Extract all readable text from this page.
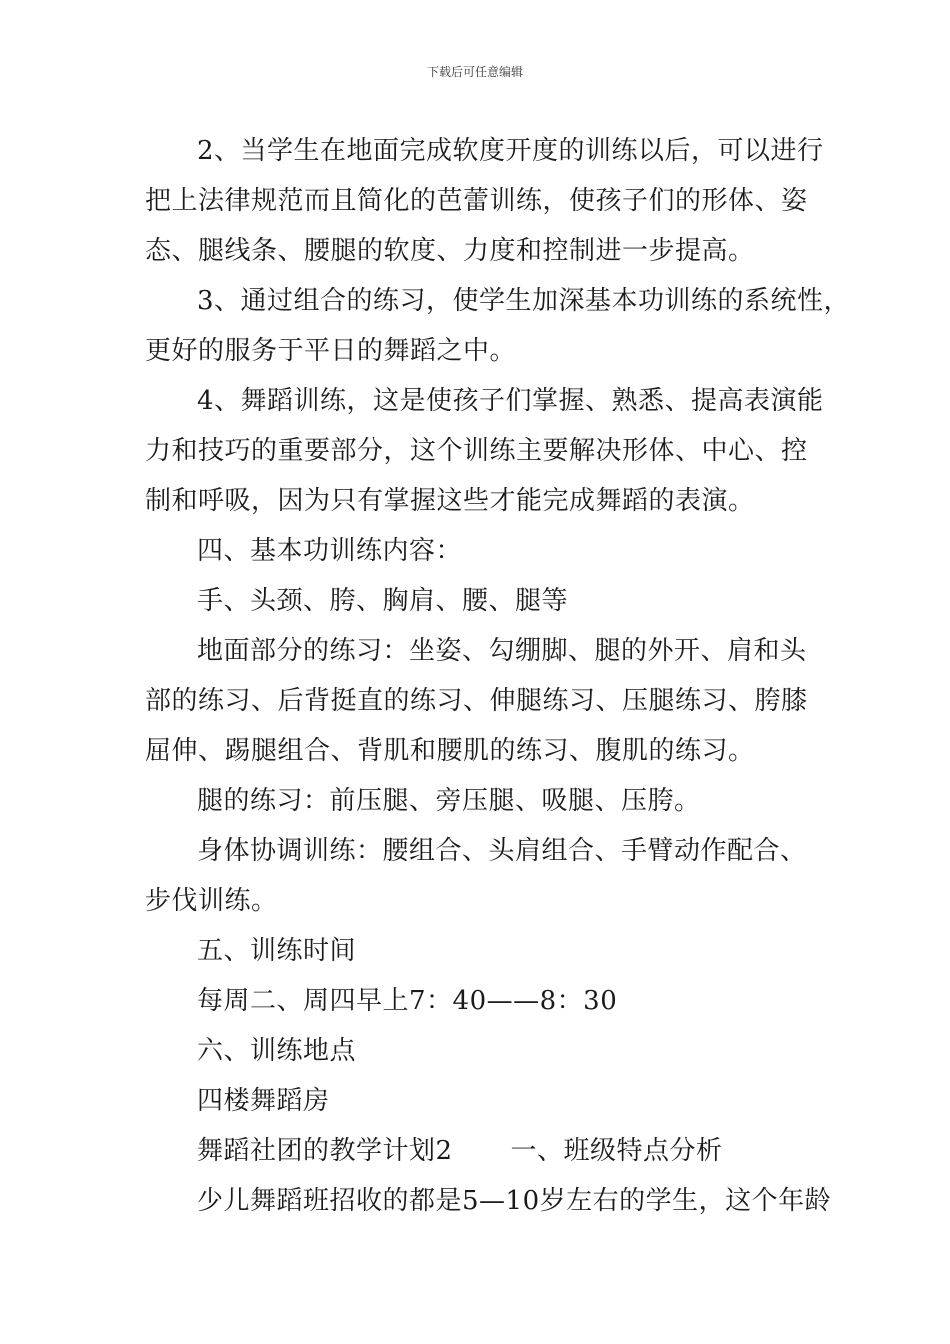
下载后可任意编辑
2、当学生在地面完成软度开度的训练以后，可以进行
把上法律规范而且简化的芭蕾训练，使孩子们的形体、姿
态、腿线条、腰腿的软度、力度和控制进一步提高。
3、通过组合的练习，使学生加深基本功训练的系统性，
更好的服务于平日的舞蹈之中。
4、舞蹈训练，这是使孩子们掌握、熟悉、提高表演能
力和技巧的重要部分，这个训练主要解决形体、中心、控
制和呼吸，因为只有掌握这些才能完成舞蹈的表演。
四、基本功训练内容：
手、头颈、胯、胸肩、腰、腿等
地面部分的练习：坐姿、勾绷脚、腿的外开、肩和头
部的练习、后背挺直的练习、伸腿练习、压腿练习、胯膝
屈伸、踢腿组合、背肌和腰肌的练习、腹肌的练习。
腿的练习：前压腿、旁压腿、吸腿、压胯。
身体协调训练：腰组合、头肩组合、手臂动作配合、
步伐训练。
五、训练时间
每周二、周四早上7：40——8：30
六、训练地点
四楼舞蹈房
舞蹈社团的教学计划2 一、班级特点分析
少儿舞蹈班招收的都是5—10岁左右的学生，这个年龄
